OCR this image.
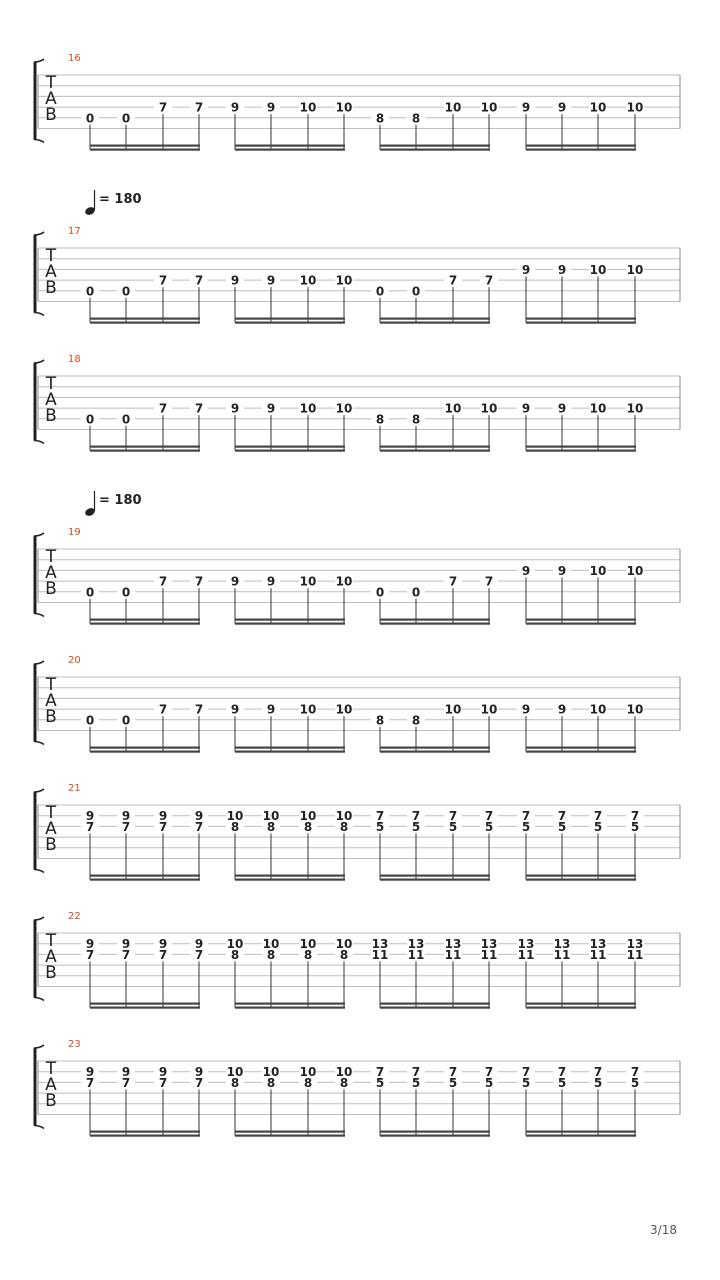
16
T
A
B 0 0
7 7 9 9 10 10
8 8
10 10 9 9 10 10
17
T
A
B 0 0
7 7 9 9 10 10
0 0
7 7
9 9 10 10
18
T
A
B 0 0
7 7 9 9 10 10
8 8
10 10 9 9 10 10
19
T
A
B 0 0
7 7 9 9 10 10
0 0
7 7
9 9 10 10
20
T
A
B 0 0
7 7 9 9 10 10
8 8
10 10 9 9 10 10
21
T
A
B
9
7
9
7
9
7
9
7
10
8
10
8
10
8
10
8
7
5
7
5
7
5
7
5
7
5
7
5
7
5
7
5
22
T
A
B
9
7
9
7
9
7
9
7
10
8
10
8
10
8
10
8
13
11
13
11
13
11
13
11
13
11
13
11
13
11
13
11
23
T
A
B
9
7
9
7
9
7
9
7
10
8
10
8
10
8
10
8
7
5
7
5
7
5
7
5
7
5
7
5
7
5
7
5
= 180
= 180
3/18
